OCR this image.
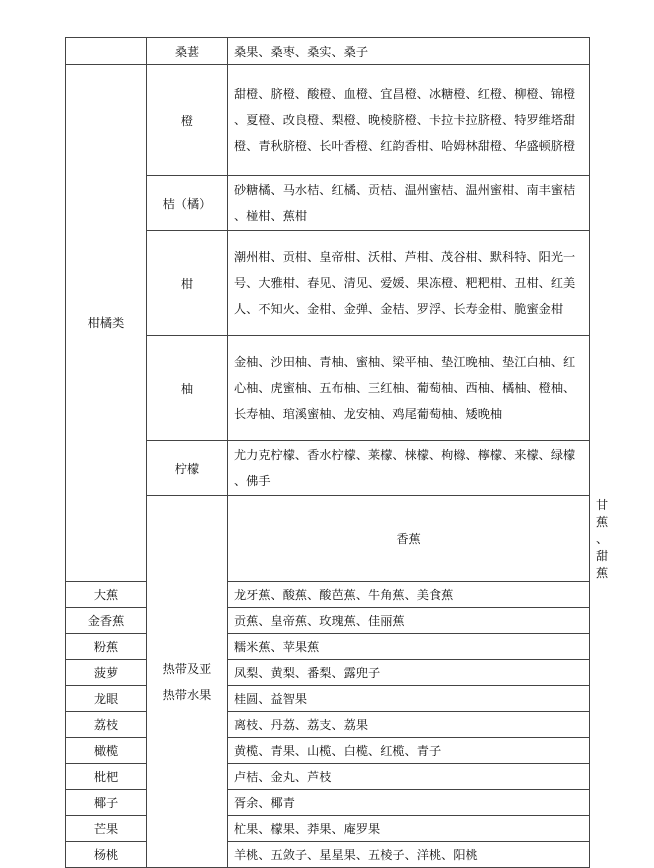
	桑葚	桑果、桑枣、桑实、桑子	
柑橘类	橙	甜橙、脐橙、酸橙、血橙、宜昌橙、冰糖橙、红橙、柳橙、锦橙、夏橙、改良橙、梨橙、晚棱脐橙、卡拉卡拉脐橙、特罗维塔甜橙、青秋脐橙、长叶香橙、红韵香柑、哈姆林甜橙、华盛顿脐橙	
	桔（橘）	砂糖橘、马水桔、红橘、贡桔、温州蜜桔、温州蜜柑、南丰蜜桔、椪柑、蕉柑	
	柑	潮州柑、贡柑、皇帝柑、沃柑、芦柑、茂谷柑、默科特、阳光一号、大雅柑、春见、清见、爱媛、果冻橙、粑粑柑、丑柑、红美人、不知火、金柑、金弹、金桔、罗浮、长寿金柑、脆蜜金柑	
	柚	金柚、沙田柚、青柚、蜜柚、梁平柚、垫江晚柚、垫江白柚、红心柚、虎蜜柚、五布柚、三红柚、葡萄柚、西柚、橘柚、橙柚、长寿柚、琯溪蜜柚、龙安柚、鸡尾葡萄柚、矮晚柚	
	柠檬	尤力克柠檬、香水柠檬、莱檬、梾檬、枸橼、檸檬、来檬、绿檬、佛手	
	热带及亚热带水果	香蕉	甘蕉、甜蕉
大蕉		龙牙蕉、酸蕉、酸芭蕉、牛角蕉、美食蕉	
金香蕉		贡蕉、皇帝蕉、玫瑰蕉、佳丽蕉	
粉蕉		糯米蕉、苹果蕉	
菠萝		凤梨、黄梨、番梨、露兜子	
龙眼		桂圆、益智果	
荔枝		离枝、丹荔、荔支、荔果	
橄榄		黄榄、青果、山榄、白榄、红榄、青子	
枇杷		卢桔、金丸、芦枝	
椰子		胥余、椰青	
芒果		杧果、檬果、莽果、庵罗果	
杨桃		羊桃、五敛子、星星果、五棱子、洋桃、阳桃	
